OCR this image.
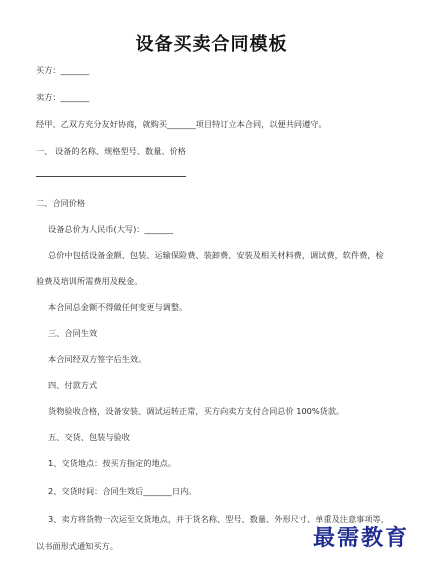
设备买卖合同模板
买方：_______
卖方：_______
经甲、乙双方充分友好协商，就购买_______项目特订立本合同，以便共同遵守。
一、 设备的名称、规格型号、数量、价格
二、合同价格
设备总价为人民币(大写)：_______
总价中包括设备金额、包装、运输保险费、装卸费、安装及相关材料费，调试费，软件费，检
验费及培训所需费用及税金。
本合同总金额不得做任何变更与调整。
三、合同生效
本合同经双方签字后生效。
四、付款方式
货物验收合格，设备安装、调试运转正常，买方向卖方支付合同总价 100%货款。
五、交货、包装与验收
1、交货地点：按买方指定的地点。
2、交货时间：合同生效后_______日内。
3、卖方将货物一次运至交货地点，并于货名称、型号、数量、外形尺寸、单重及注意事项等，
以书面形式通知买方。	最需教育
